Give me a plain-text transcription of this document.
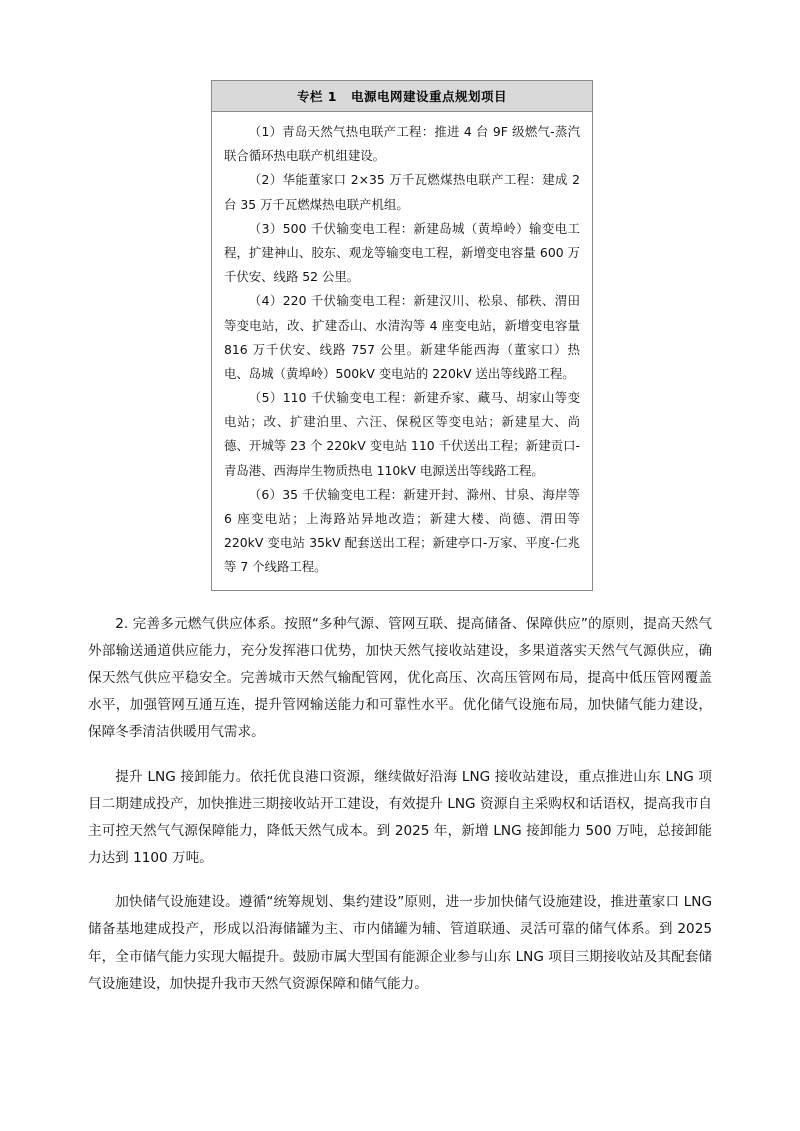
专栏 1 电源电网建设重点规划项目

（1）青岛天然气热电联产工程：推进 4 台 9F 级燃气-蒸汽联合循环热电联产机组建设。

（2）华能董家口 2×35 万千瓦燃煤热电联产工程：建成 2 台 35 万千瓦燃煤热电联产机组。

（3）500 千伏输变电工程：新建岛城（黄埠岭）输变电工程，扩建神山、胶东、观龙等输变电工程，新增变电容量 600 万千伏安、线路 52 公里。

（4）220 千伏输变电工程：新建汉川、松泉、郁秩、渭田等变电站，改、扩建岙山、水清沟等 4 座变电站，新增变电容量 816 万千伏安、线路 757 公里。新建华能西海（董家口）热电、岛城（黄埠岭）500kV 变电站的 220kV 送出等线路工程。

（5）110 千伏输变电工程：新建乔家、藏马、胡家山等变电站；改、扩建泊里、六汪、保税区等变电站；新建星大、尚德、开城等 23 个 220kV 变电站 110 千伏送出工程；新建贡口-青岛港、西海岸生物质热电 110kV 电源送出等线路工程。

（6）35 千伏输变电工程：新建开封、滁州、甘泉、海岸等 6 座变电站；上海路站异地改造；新建大楼、尚德、渭田等 220kV 变电站 35kV 配套送出工程；新建亭口-万家、平度-仁兆等 7 个线路工程。

2. 完善多元燃气供应体系。按照“多种气源、管网互联、提高储备、保障供应”的原则，提高天然气外部输送通道供应能力，充分发挥港口优势，加快天然气接收站建设，多果道落实天然气气源供应，确保天然气供应平稳安全。完善城市天然气输配管网，优化高压、次高压管网布局，提高中低压管网覆盖水平，加强管网互通互连，提升管网输送能力和可靠性水平。优化储气设施布局，加快储气能力建设，保障冬季清洁供暖用气需求。

提升 LNG 接卸能力。依托优良港口资源，继续做好沿海 LNG 接收站建设，重点推进山东 LNG 项目二期建成投产，加快推进三期接收站开工建设，有效提升 LNG 资源自主采购权和话语权，提高我市自主可控天然气气源保障能力，降低天然气成本。到 2025 年，新增 LNG 接卸能力 500 万吨，总接卸能力达到 1100 万吨。

加快储气设施建设。遵循“统筹规划、集约建设”原则，进一步加快储气设施建设，推进董家口 LNG 储备基地建成投产，形成以沿海储罐为主、市内储罐为辅、管道联通、灵活可靠的储气体系。到 2025 年，全市储气能力实现大幅提升。鼓励市属大型国有能源企业参与山东 LNG 项目三期接收站及其配套储气设施建设，加快提升我市天然气资源保障和储气能力。
